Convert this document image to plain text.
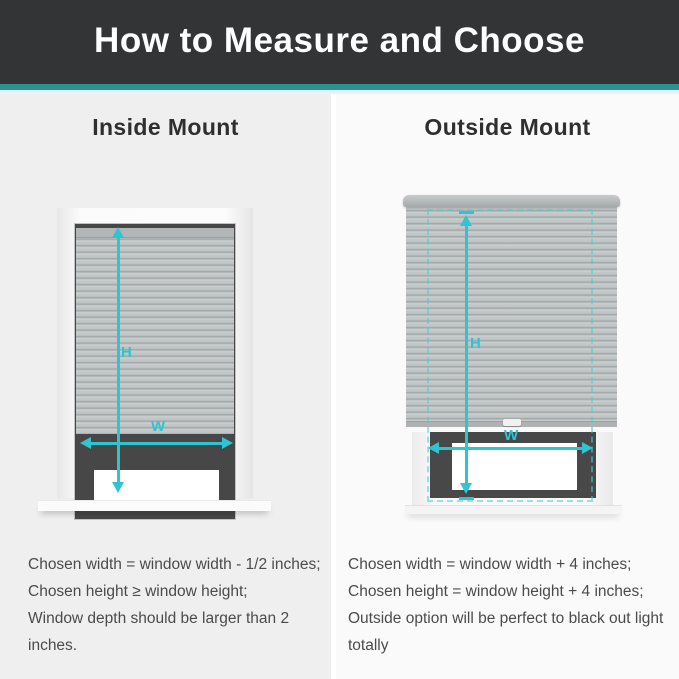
How to Measure and Choose
Inside Mount	Outside Mount
H
W
H
W

Chosen width = window width - 1/2 inches;

Chosen height ≥ window height;

Window depth should be larger than 2 inches.

Chosen width = window width + 4 inches;

Chosen height = window height + 4 inches;

Outside option will be perfect to black out light totally
